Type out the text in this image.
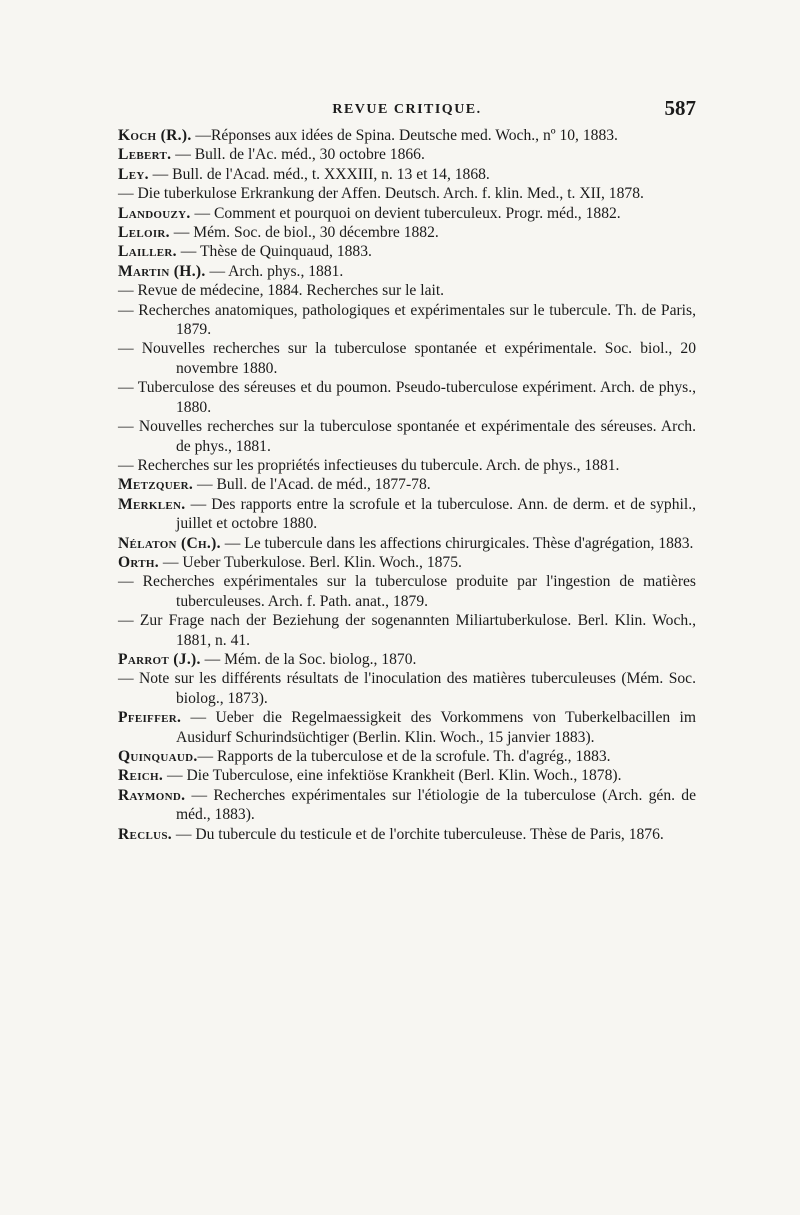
REVUE CRITIQUE.	587
Koch (R.). —Réponses aux idées de Spina. Deutsche med. Woch., nº 10, 1883.
Lebert. — Bull. de l'Ac. méd., 30 octobre 1866.
Ley. — Bull. de l'Acad. méd., t. XXXIII, n. 13 et 14, 1868.
— Die tuberkulose Erkrankung der Affen. Deutsch. Arch. f. klin. Med., t. XII, 1878.
Landouzy. — Comment et pourquoi on devient tuberculeux. Progr. méd., 1882.
Leloir. — Mém. Soc. de biol., 30 décembre 1882.
Lailler. — Thèse de Quinquaud, 1883.
Martin (H.). — Arch. phys., 1881.
— Revue de médecine, 1884. Recherches sur le lait.
— Recherches anatomiques, pathologiques et expérimentales sur le tubercule. Th. de Paris, 1879.
— Nouvelles recherches sur la tuberculose spontanée et expérimentale. Soc. biol., 20 novembre 1880.
— Tuberculose des séreuses et du poumon. Pseudo-tuberculose expériment. Arch. de phys., 1880.
— Nouvelles recherches sur la tuberculose spontanée et expérimentale des séreuses. Arch. de phys., 1881.
— Recherches sur les propriétés infectieuses du tubercule. Arch. de phys., 1881.
Metzquer. — Bull. de l'Acad. de méd., 1877-78.
Merklen. — Des rapports entre la scrofule et la tuberculose. Ann. de derm. et de syphil., juillet et octobre 1880.
Nélaton (Ch.). — Le tubercule dans les affections chirurgicales. Thèse d'agrégation, 1883.
Orth. — Ueber Tuberkulose. Berl. Klin. Woch., 1875.
— Recherches expérimentales sur la tuberculose produite par l'ingestion de matières tuberculeuses. Arch. f. Path. anat., 1879.
— Zur Frage nach der Beziehung der sogenannten Miliartuberkulose. Berl. Klin. Woch., 1881, n. 41.
Parrot (J.). — Mém. de la Soc. biolog., 1870.
— Note sur les différents résultats de l'inoculation des matières tuberculeuses (Mém. Soc. biolog., 1873).
Pfeiffer. — Ueber die Regelmaessigkeit des Vorkommens von Tuberkelbacillen im Ausidurf Schurindsüchtiger (Berlin. Klin. Woch., 15 janvier 1883).
Quinquaud.— Rapports de la tuberculose et de la scrofule. Th. d'agrég., 1883.
Reich. — Die Tuberculose, eine infektiöse Krankheit (Berl. Klin. Woch., 1878).
Raymond. — Recherches expérimentales sur l'étiologie de la tuberculose (Arch. gén. de méd., 1883).
Reclus. — Du tubercule du testicule et de l'orchite tuberculeuse. Thèse de Paris, 1876.
